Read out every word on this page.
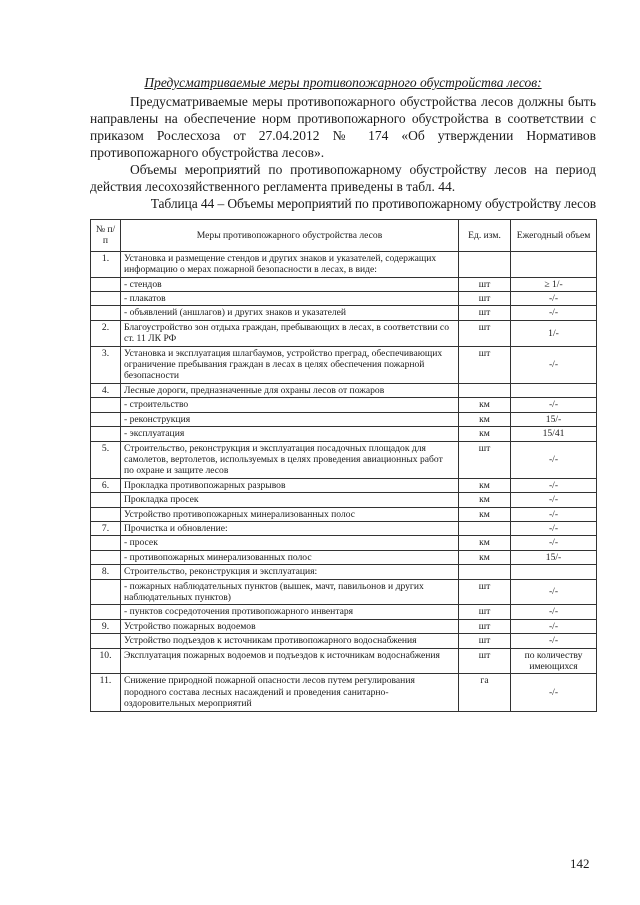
Предусматриваемые меры противопожарного обустройства лесов:

Предусматриваемые меры противопожарного обустройства лесов должны быть направлены на обеспечение норм противопожарного обустройства в соответствии с приказом Рослесхоза от 27.04.2012 № 174 «Об утверждении Нормативов противопожарного обустройства лесов».

Объемы мероприятий по противопожарному обустройству лесов на период действия лесохозяйственного регламента приведены в табл. 44.

Таблица 44 – Объемы мероприятий по противопожарному обустройству лесов

№ п/п	Меры противопожарного обустройства лесов	Ед. изм.	Ежегодный объем
1.	Установка и размещение стендов и других знаков и указателей, содержащих информацию о мерах пожарной безопасности в лесах, в виде:		
	- стендов	шт	≥ 1/-
	- плакатов	шт	-/-
	- объявлений (аншлагов) и других знаков и указателей	шт	-/-
2.	Благоустройство зон отдыха граждан, пребывающих в лесах, в соответствии со ст. 11 ЛК РФ	шт	1/-
3.	Установка и эксплуатация шлагбаумов, устройство преград, обеспечивающих ограничение пребывания граждан в лесах в целях обеспечения пожарной безопасности	шт	-/-
4.	Лесные дороги, предназначенные для охраны лесов от пожаров		
	- строительство	км	-/-
	- реконструкция	км	15/-
	- эксплуатация	км	15/41
5.	Строительство, реконструкция и эксплуатация посадочных площадок для самолетов, вертолетов, используемых в целях проведения авиационных работ по охране и защите лесов	шт	-/-
6.	Прокладка противопожарных разрывов	км	-/-
	Прокладка просек	км	-/-
	Устройство противопожарных минерализованных полос	км	-/-
7.	Прочистка и обновление:		-/-
	- просек	км	-/-
	- противопожарных минерализованных полос	км	15/-
8.	Строительство, реконструкция и эксплуатация:		
	- пожарных наблюдательных пунктов (вышек, мачт, павильонов и других наблюдательных пунктов)	шт	-/-
	- пунктов сосредоточения противопожарного инвентаря	шт	-/-
9.	Устройство пожарных водоемов	шт	-/-
	Устройство подъездов к источникам противопожарного водоснабжения	шт	-/-
10.	Эксплуатация пожарных водоемов и подъездов к источникам водоснабжения	шт	по количеству имеющихся
11.	Снижение природной пожарной опасности лесов путем регулирования породного состава лесных насаждений и проведения санитарно-оздоровительных мероприятий	га	-/-
142
